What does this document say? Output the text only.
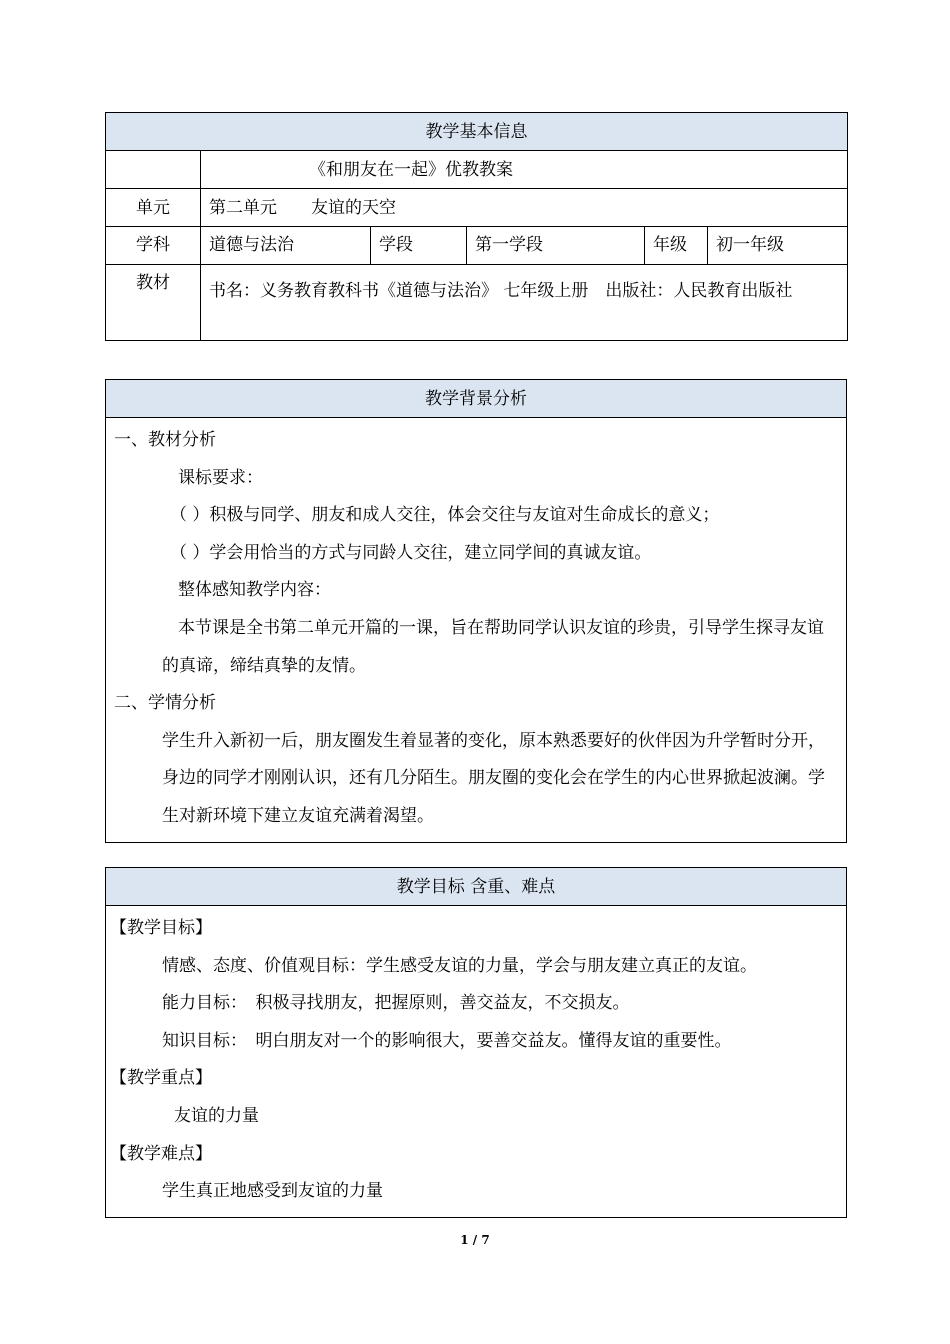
教学基本信息					
	《和朋友在一起》优教教案				
单元	第二单元　　友谊的天空				
学科	道德与法治	学段	第一学段	年级	初一年级
教材	书名：义务教育教科书《道德与法治》 七年级上册　出版社：人民教育出版社				
教学背景分析

一、教材分析
课标要求：
（ ）积极与同学、朋友和成人交往，体会交往与友谊对生命成长的意义；
（ ）学会用恰当的方式与同龄人交往，建立同学间的真诚友谊。
整体感知教学内容：
本节课是全书第二单元开篇的一课，旨在帮助同学认识友谊的珍贵，引导学生探寻友谊的真谛，缔结真挚的友情。
二、学情分析
学生升入新初一后，朋友圈发生着显著的变化，原本熟悉要好的伙伴因为升学暂时分开，身边的同学才刚刚认识，还有几分陌生。朋友圈的变化会在学生的内心世界掀起波澜。学生对新环境下建立友谊充满着渴望。
教学目标 含重、难点

【教学目标】
情感、态度、价值观目标：学生感受友谊的力量，学会与朋友建立真正的友谊。
能力目标：　积极寻找朋友，把握原则，善交益友，不交损友。
知识目标：　明白朋友对一个的影响很大，要善交益友。懂得友谊的重要性。
【教学重点】
友谊的力量
【教学难点】
学生真正地感受到友谊的力量
1 / 7
